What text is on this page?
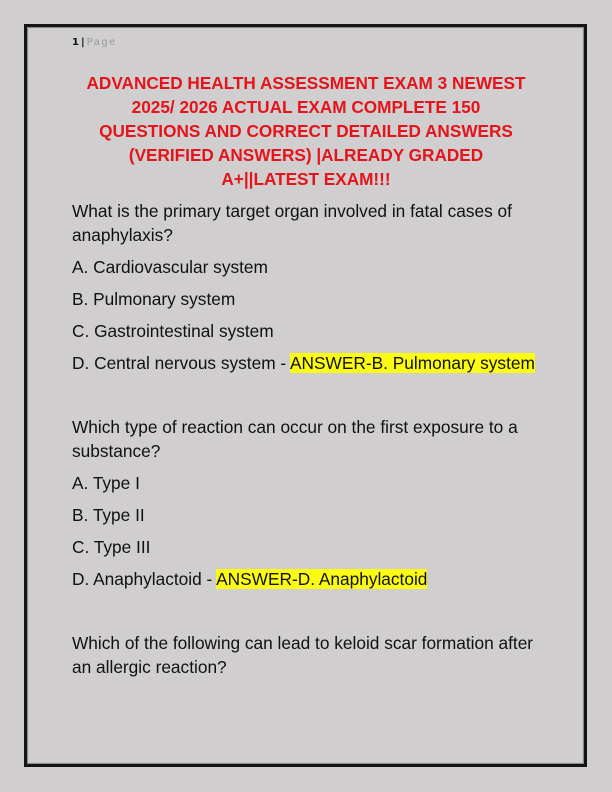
1 | Page
ADVANCED HEALTH ASSESSMENT EXAM 3 NEWEST
2025/ 2026 ACTUAL EXAM COMPLETE 150
QUESTIONS AND CORRECT DETAILED ANSWERS
(VERIFIED ANSWERS) |ALREADY GRADED
A+||LATEST EXAM!!!

What is the primary target organ involved in fatal cases of anaphylaxis?

A. Cardiovascular system

B. Pulmonary system

C. Gastrointestinal system

D. Central nervous system - ANSWER-B. Pulmonary system

Which type of reaction can occur on the first exposure to a substance?

A. Type I

B. Type II

C. Type III

D. Anaphylactoid - ANSWER-D. Anaphylactoid

Which of the following can lead to keloid scar formation after an allergic reaction?
